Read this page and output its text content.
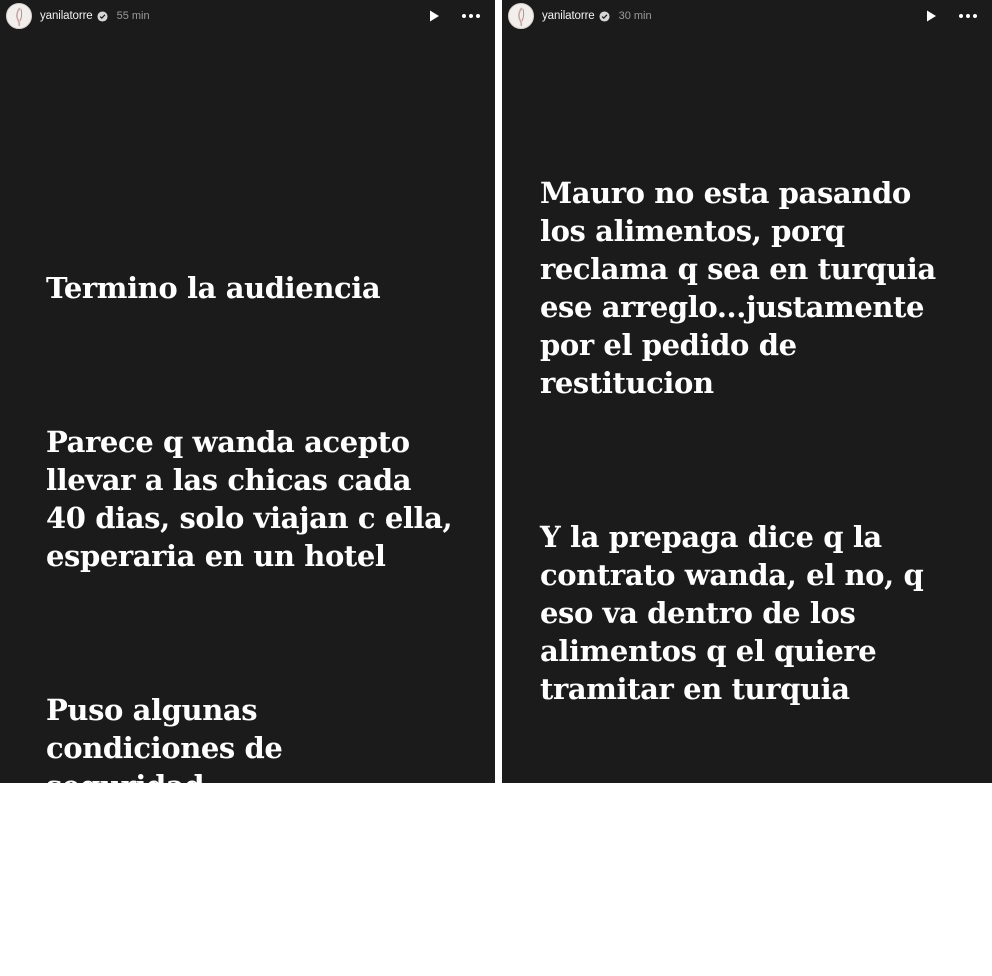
yanilatorre 55 min

Termino la audiencia

Parece q wanda acepto
llevar a las chicas cada
40 dias, solo viajan c ella,
esperaria en un hotel

Puso algunas
condiciones de
seguridad

yanilatorre 30 min

Mauro no esta pasando
los alimentos, porq
reclama q sea en turquia
ese arreglo...justamente
por el pedido de
restitucion

Y la prepaga dice q la
contrato wanda, el no, q
eso va dentro de los
alimentos q el quiere
tramitar en turquia

Todos vericuetos
judiciales
